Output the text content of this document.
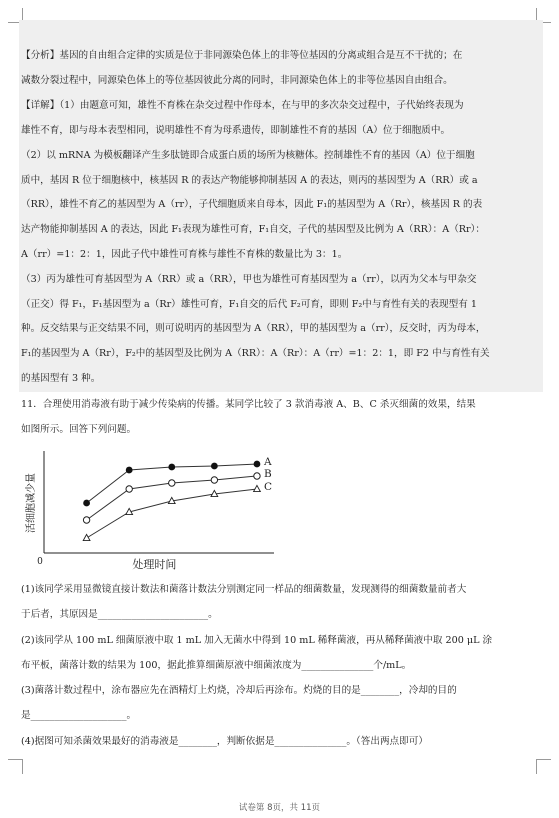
【分析】基因的自由组合定律的实质是位于非同源染色体上的非等位基因的分离或组合是互不干扰的；在
减数分裂过程中，同源染色体上的等位基因彼此分离的同时，非同源染色体上的非等位基因自由组合。
【详解】（1）由题意可知，雄性不育株在杂交过程中作母本，在与甲的多次杂交过程中，子代始终表现为
雄性不育，即与母本表型相同，说明雄性不育为母系遗传，即制雄性不育的基因（A）位于细胞质中。
（2）以 mRNA 为模板翻译产生多肽链即合成蛋白质的场所为核糖体。控制雄性不育的基因（A）位于细胞
质中，基因 R 位于细胞核中，核基因 R 的表达产物能够抑制基因 A 的表达，则丙的基因型为 A（RR）或 a
（RR），雄性不育乙的基因型为 A（rr），子代细胞质来自母本，因此 F₁的基因型为 A（Rr），核基因 R 的表
达产物能抑制基因 A 的表达，因此 F₁表现为雄性可育，F₁自交，子代的基因型及比例为 A（RR）：A（Rr）：
A（rr）=1：2：1，因此子代中雄性可育株与雄性不育株的数量比为 3：1。
（3）丙为雄性可育基因型为 A（RR）或 a（RR），甲也为雄性可育基因型为 a（rr），以丙为父本与甲杂交
（正交）得 F₁，F₁基因型为 a（Rr）雄性可育，F₁自交的后代 F₂可育，即则 F₂中与育性有关的表现型有 1
种。反交结果与正交结果不同，则可说明丙的基因型为 A（RR），甲的基因型为 a（rr），反交时，丙为母本，
F₁的基因型为 A（Rr），F₂中的基因型及比例为 A（RR）：A（Rr）：A（rr）=1：2：1，即 F2 中与育性有关
的基因型有 3 种。
11．合理使用消毒液有助于减少传染病的传播。某同学比较了 3 款消毒液 A、B、C 杀灭细菌的效果，结果
如图所示。回答下列问题。
活细胞减少量
处理时间
0
A
B
C
(1)该同学采用显微镜直接计数法和菌落计数法分别测定同一样品的细菌数量，发现测得的细菌数量前者大
于后者，其原因是_______________________。
(2)该同学从 100 mL 细菌原液中取 1 mL 加入无菌水中得到 10 mL 稀释菌液，再从稀释菌液中取 200 μL 涂
布平板，菌落计数的结果为 100，据此推算细菌原液中细菌浓度为_______________个/mL。
(3)菌落计数过程中，涂布器应先在酒精灯上灼烧，冷却后再涂布。灼烧的目的是________，冷却的目的
是____________________。
(4)据图可知杀菌效果最好的消毒液是________，判断依据是_______________。（答出两点即可）
试卷第 8页，共 11页
